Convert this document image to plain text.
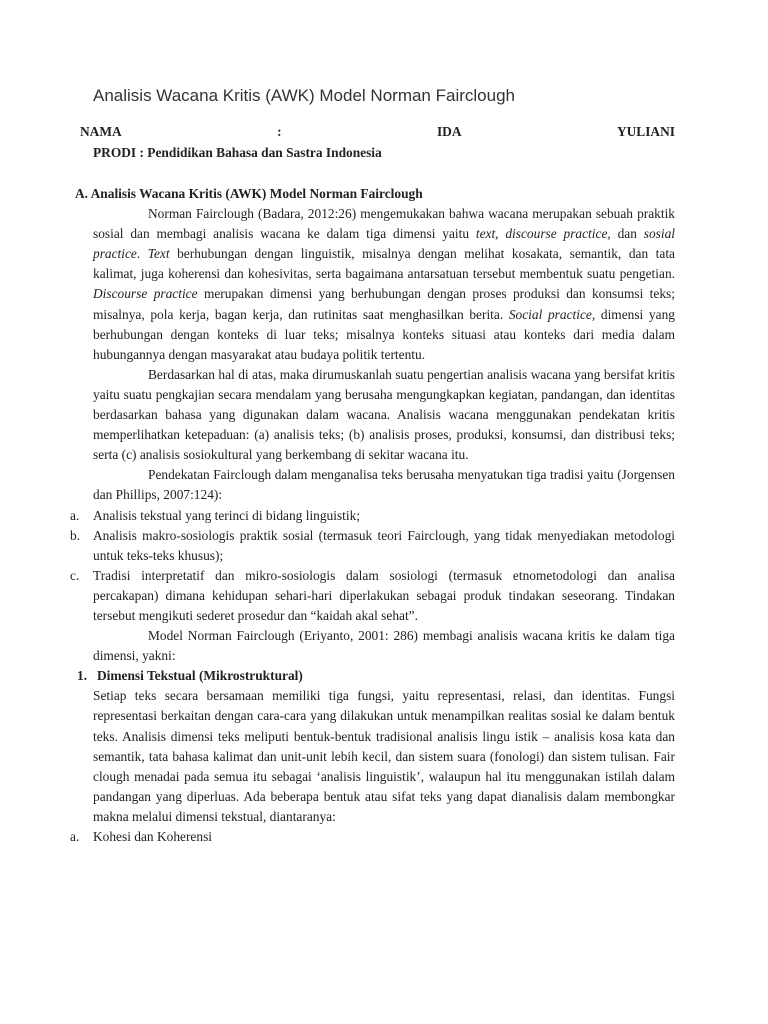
Analisis Wacana Kritis (AWK) Model Norman Fairclough
NAMA	:	IDA	YULIANI
PRODI : Pendidikan Bahasa dan Sastra Indonesia
A. Analisis Wacana Kritis (AWK) Model Norman Fairclough

Norman Fairclough (Badara, 2012:26) mengemukakan bahwa wacana merupakan sebuah praktik sosial dan membagi analisis wacana ke dalam tiga dimensi yaitu text, discourse practice, dan sosial practice. Text berhubungan dengan linguistik, misalnya dengan melihat kosakata, semantik, dan tata kalimat, juga koherensi dan kohesivitas, serta bagaimana antarsatuan tersebut membentuk suatu pengetian. Discourse practice merupakan dimensi yang berhubungan dengan proses produksi dan konsumsi teks; misalnya, pola kerja, bagan kerja, dan rutinitas saat menghasilkan berita. Social practice, dimensi yang berhubungan dengan konteks di luar teks; misalnya konteks situasi atau konteks dari media dalam hubungannya dengan masyarakat atau budaya politik tertentu.

Berdasarkan hal di atas, maka dirumuskanlah suatu pengertian analisis wacana yang bersifat kritis yaitu suatu pengkajian secara mendalam yang berusaha mengungkapkan kegiatan, pandangan, dan identitas berdasarkan bahasa yang digunakan dalam wacana. Analisis wacana menggunakan pendekatan kritis memperlihatkan ketepaduan: (a) analisis teks; (b) analisis proses, produksi, konsumsi, dan distribusi teks; serta (c) analisis sosiokultural yang berkembang di sekitar wacana itu.

Pendekatan Fairclough dalam menganalisa teks berusaha menyatukan tiga tradisi yaitu (Jorgensen dan Phillips, 2007:124):

a. Analisis tekstual yang terinci di bidang linguistik;

b. Analisis makro-sosiologis praktik sosial (termasuk teori Fairclough, yang tidak menyediakan metodologi untuk teks-teks khusus);

c. Tradisi interpretatif dan mikro-sosiologis dalam sosiologi (termasuk etnometodologi dan analisa percakapan) dimana kehidupan sehari-hari diperlakukan sebagai produk tindakan seseorang. Tindakan tersebut mengikuti sederet prosedur dan “kaidah akal sehat”.

Model Norman Fairclough (Eriyanto, 2001: 286) membagi analisis wacana kritis ke dalam tiga dimensi, yakni:

1. Dimensi Tekstual (Mikrostruktural)

Setiap teks secara bersamaan memiliki tiga fungsi, yaitu representasi, relasi, dan identitas. Fungsi representasi berkaitan dengan cara-cara yang dilakukan untuk menampilkan realitas sosial ke dalam bentuk teks. Analisis dimensi teks meliputi bentuk-bentuk tradisional analisis lingu istik – analisis kosa kata dan semantik, tata bahasa kalimat dan unit-unit lebih kecil, dan sistem suara (fonologi) dan sistem tulisan. Fair clough menadai pada semua itu sebagai ‘analisis linguistik’, walaupun hal itu menggunakan istilah dalam pandangan yang diperluas. Ada beberapa bentuk atau sifat teks yang dapat dianalisis dalam membongkar makna melalui dimensi tekstual, diantaranya:

a. Kohesi dan Koherensi
